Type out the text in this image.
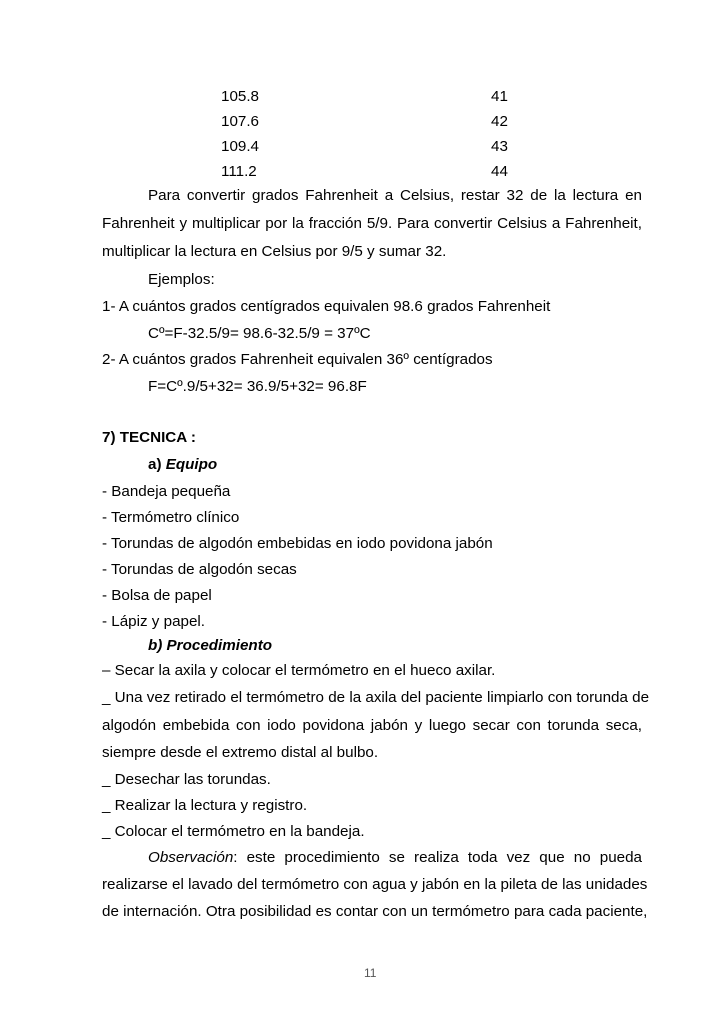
105.8	41
107.6	42
109.4	43
111.2	44
Para convertir grados Fahrenheit a Celsius, restar 32 de la lectura en
Fahrenheit y multiplicar por la fracción 5/9. Para convertir Celsius a Fahrenheit,
multiplicar la lectura en Celsius por 9/5 y sumar 32.
Ejemplos:
1- A cuántos grados centígrados equivalen 98.6 grados Fahrenheit
Cº=F-32.5/9= 98.6-32.5/9 = 37ºC
2- A cuántos grados Fahrenheit equivalen 36º centígrados
F=Cº.9/5+32= 36.9/5+32= 96.8F
7) TECNICA :
a) Equipo
- Bandeja pequeña
- Termómetro clínico
- Torundas de algodón embebidas en iodo povidona jabón
- Torundas de algodón secas
- Bolsa de papel
- Lápiz y papel.
b) Procedimiento
– Secar la axila y colocar el termómetro en el hueco axilar.
_ Una vez retirado el termómetro de la axila del paciente limpiarlo con torunda de
algodón embebida con iodo povidona jabón y luego secar con torunda seca,
siempre desde el extremo distal al bulbo.
_ Desechar las torundas.
_ Realizar la lectura y registro.
_ Colocar el termómetro en la bandeja.
Observación: este procedimiento se realiza toda vez que no pueda
realizarse el lavado del termómetro con agua y jabón en la pileta de las unidades
de internación. Otra posibilidad es contar con un termómetro para cada paciente,
11
